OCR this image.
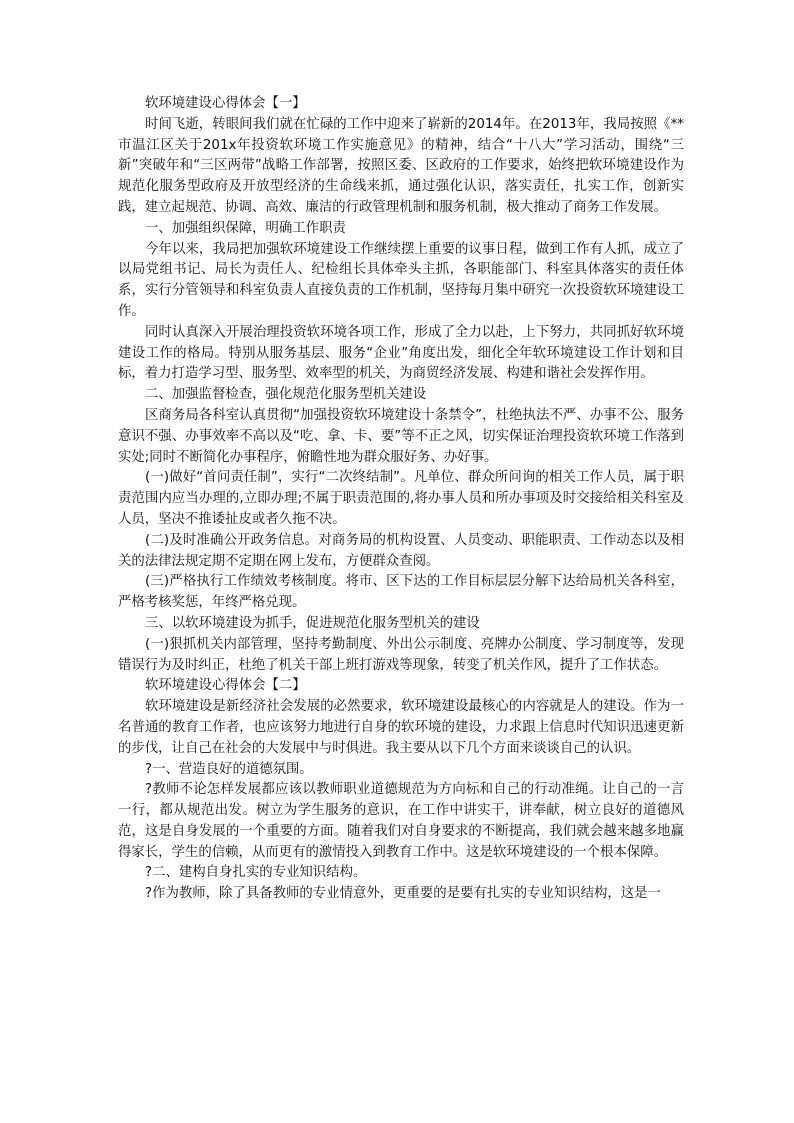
软环境建设心得体会【一】

时间飞逝，转眼间我们就在忙碌的工作中迎来了崭新的2014年。在2013年，我局按照《**市温江区关于201x年投资软环境工作实施意见》的精神，结合“十八大”学习活动，围绕“三新”突破年和“三区两带”战略工作部署，按照区委、区政府的工作要求，始终把软环境建设作为规范化服务型政府及开放型经济的生命线来抓，通过强化认识，落实责任，扎实工作，创新实践，建立起规范、协调、高效、廉洁的行政管理机制和服务机制，极大推动了商务工作发展。

一、加强组织保障，明确工作职责

今年以来，我局把加强软环境建设工作继续摆上重要的议事日程，做到工作有人抓，成立了以局党组书记、局长为责任人、纪检组长具体牵头主抓，各职能部门、科室具体落实的责任体系，实行分管领导和科室负责人直接负责的工作机制，坚持每月集中研究一次投资软环境建设工作。

同时认真深入开展治理投资软环境各项工作，形成了全力以赴，上下努力，共同抓好软环境建设工作的格局。特别从服务基层、服务“企业”角度出发，细化全年软环境建设工作计划和目标，着力打造学习型、服务型、效率型的机关，为商贸经济发展、构建和谐社会发挥作用。

二、加强监督检查，强化规范化服务型机关建设

区商务局各科室认真贯彻“加强投资软环境建设十条禁令”，杜绝执法不严、办事不公、服务意识不强、办事效率不高以及“吃、拿、卡、要”等不正之风，切实保证治理投资软环境工作落到实处;同时不断简化办事程序，俯瞻性地为群众服好务、办好事。

(一)做好“首问责任制”，实行“二次终结制”。凡单位、群众所问询的相关工作人员，属于职责范围内应当办理的,立即办理;不属于职责范围的,将办事人员和所办事项及时交接给相关科室及人员，坚决不推诿扯皮或者久拖不决。

(二)及时准确公开政务信息。对商务局的机构设置、人员变动、职能职责、工作动态以及相关的法律法规定期不定期在网上发布，方便群众查阅。

(三)严格执行工作绩效考核制度。将市、区下达的工作目标层层分解下达给局机关各科室，严格考核奖惩，年终严格兑现。

三、以软环境建设为抓手，促进规范化服务型机关的建设

(一)狠抓机关内部管理，坚持考勤制度、外出公示制度、亮牌办公制度、学习制度等，发现错误行为及时纠正，杜绝了机关干部上班打游戏等现象，转变了机关作风，提升了工作状态。

软环境建设心得体会【二】

软环境建设是新经济社会发展的必然要求，软环境建设最核心的内容就是人的建设。作为一名普通的教育工作者，也应该努力地进行自身的软环境的建设，力求跟上信息时代知识迅速更新的步伐，让自己在社会的大发展中与时俱进。我主要从以下几个方面来谈谈自己的认识。

?一、营造良好的道德氛围。

?教师不论怎样发展都应该以教师职业道德规范为方向标和自己的行动准绳。让自己的一言一行，都从规范出发。树立为学生服务的意识，在工作中讲实干，讲奉献，树立良好的道德风范，这是自身发展的一个重要的方面。随着我们对自身要求的不断提高，我们就会越来越多地赢得家长，学生的信赖，从而更有的激情投入到教育工作中。这是软环境建设的一个根本保障。

?二、建构自身扎实的专业知识结构。

?作为教师，除了具备教师的专业情意外，更重要的是要有扎实的专业知识结构，这是一
